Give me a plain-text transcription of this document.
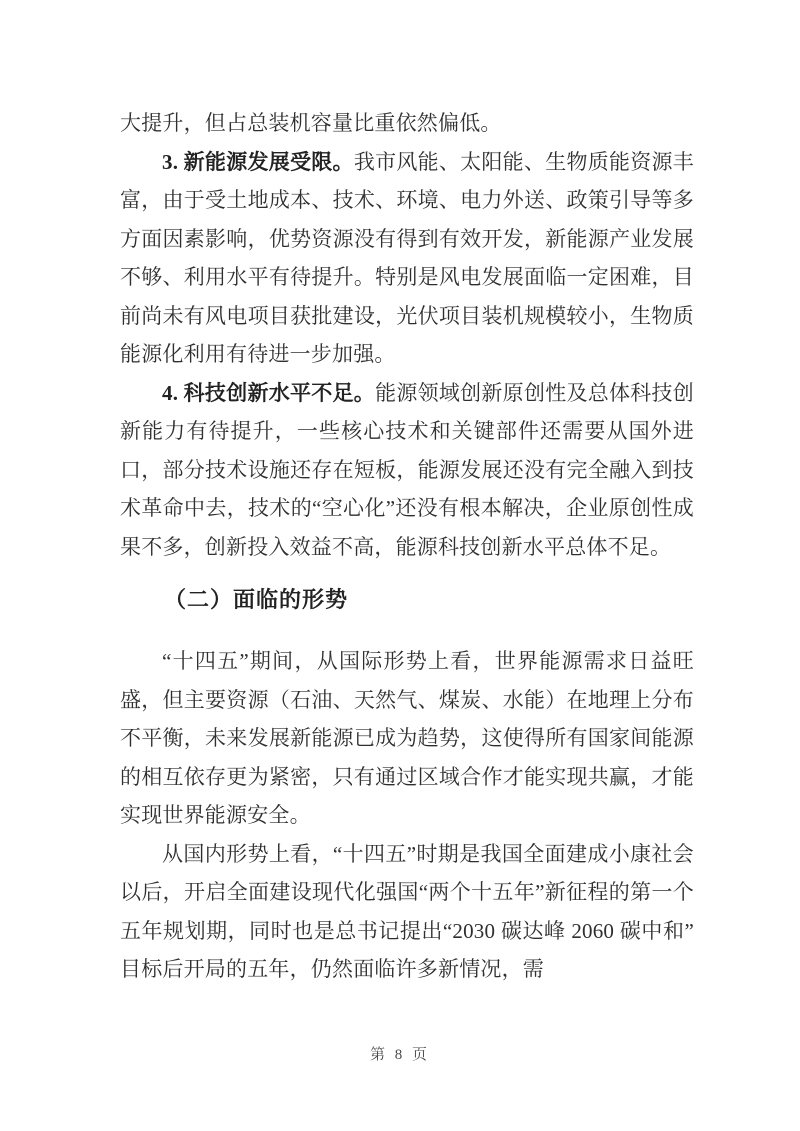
大提升，但占总装机容量比重依然偏低。

3. 新能源发展受限。我市风能、太阳能、生物质能资源丰富，由于受土地成本、技术、环境、电力外送、政策引导等多方面因素影响，优势资源没有得到有效开发，新能源产业发展不够、利用水平有待提升。特别是风电发展面临一定困难，目前尚未有风电项目获批建设，光伏项目装机规模较小，生物质能源化利用有待进一步加强。

4. 科技创新水平不足。能源领域创新原创性及总体科技创新能力有待提升，一些核心技术和关键部件还需要从国外进口，部分技术设施还存在短板，能源发展还没有完全融入到技术革命中去，技术的“空心化”还没有根本解决，企业原创性成果不多，创新投入效益不高，能源科技创新水平总体不足。

（二）面临的形势

“十四五”期间，从国际形势上看，世界能源需求日益旺盛，但主要资源（石油、天然气、煤炭、水能）在地理上分布不平衡，未来发展新能源已成为趋势，这使得所有国家间能源的相互依存更为紧密，只有通过区域合作才能实现共赢，才能实现世界能源安全。

从国内形势上看，“十四五”时期是我国全面建成小康社会以后，开启全面建设现代化强国“两个十五年”新征程的第一个五年规划期，同时也是总书记提出“2030 碳达峰 2060 碳中和”目标后开局的五年，仍然面临许多新情况，需

第 8 页
